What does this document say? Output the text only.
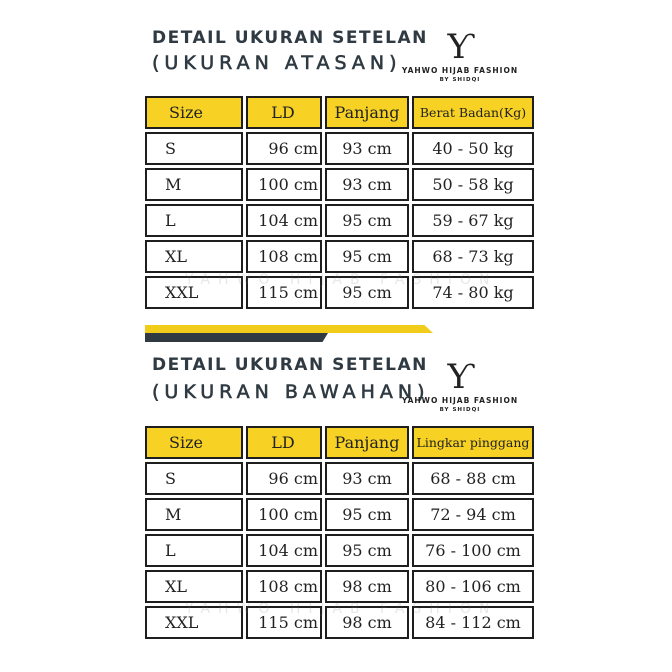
DETAIL UKURAN SETELAN
(UKURAN ATASAN)	Ƴ
YAHWO HIJAB FASHION
BY SHIDQI
Size	LD	Panjang	Berat Badan(Kg)
S	96 cm	93 cm	40 - 50 kg
M	100 cm	93 cm	50 - 58 kg
L	104 cm	95 cm	59 - 67 kg
XL	108 cm	95 cm	68 - 73 kg
XXL	115 cm	95 cm	74 - 80 kg
DETAIL UKURAN SETELAN
(UKURAN BAWAHAN) Ƴ
YAHWO HIJAB FASHION
BY SHIDQI
Size	LD	Panjang	Lingkar pinggang
S	96 cm	93 cm	68 - 88 cm
M	100 cm	95 cm	72 - 94 cm
L	104 cm	95 cm	76 - 100 cm
XL	108 cm	98 cm	80 - 106 cm
XXL	115 cm	98 cm	84 - 112 cm
